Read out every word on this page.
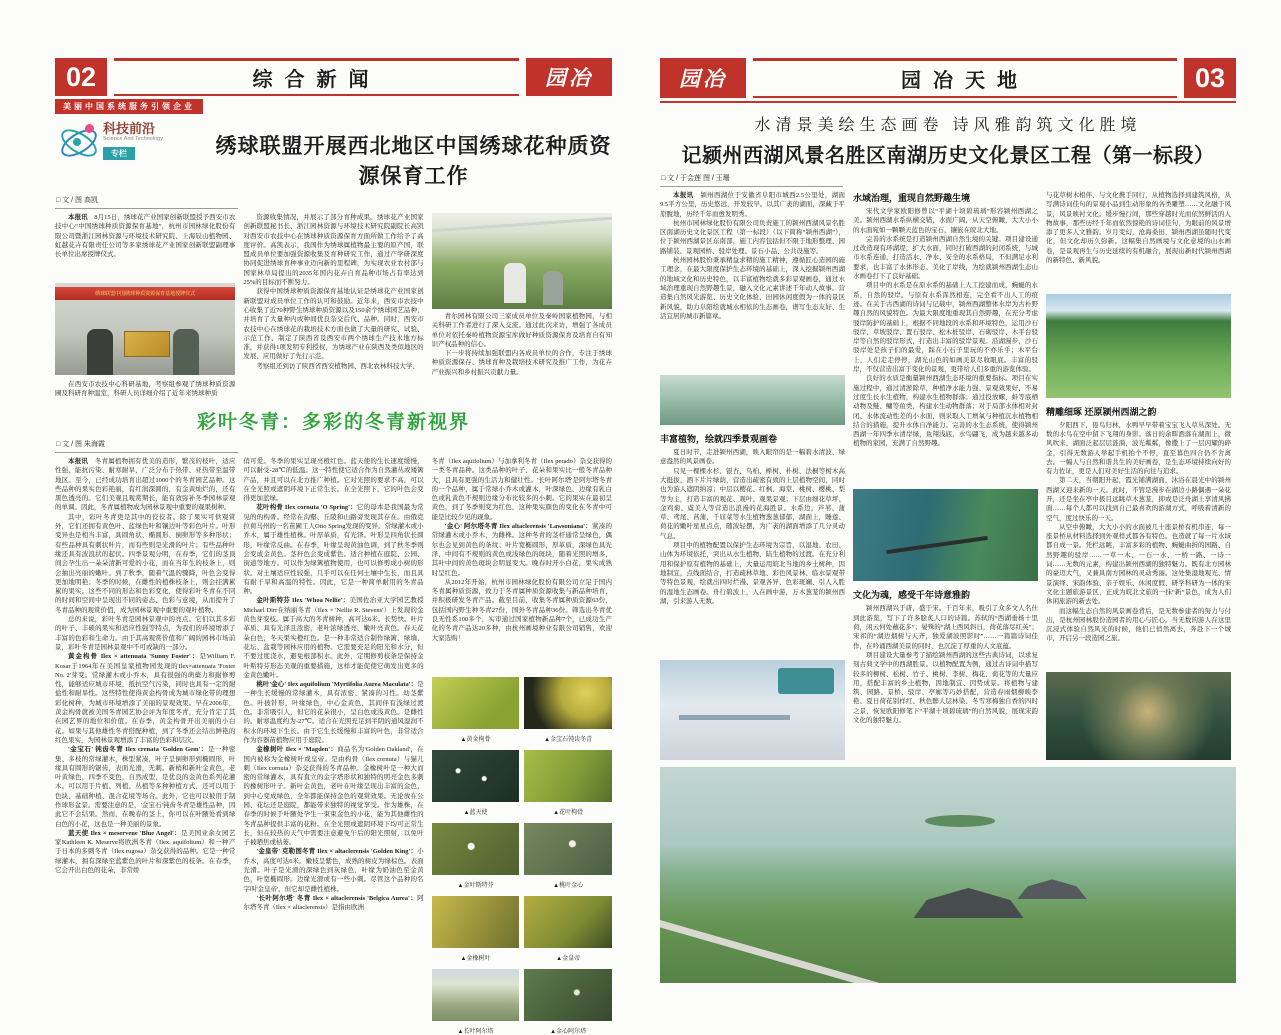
02	综合新闻	园冶
美丽中国系统服务引领企业
科技前沿
Science And Technology
专栏	绣球联盟开展西北地区中国绣球花种质资源保育工作
□ 文 / 图 高凯

本报讯　 8月15日，绣球花产业国家创新联盟授予西安市农技中心“中国绣球种质资源保育基地”，杭州市园林绿化股份有限公司暨浙江园林资源与环境技术研究院、上海辰山植物园、虹越花卉有限责任公司等多家绣球花产业国家创新联盟副理事长单位出席授牌仪式。

绣球联盟中国绣球种质资源保育基地授牌仪式
在西安市农技中心科研基地，考察组参观了绣球种质资源圃及科研育种温室，科研人员详细介绍了近年来绣球种质

资源收集情况，并展示了部分育种成果。绣球花产业国家创新联盟秘书长、浙江园林资源与环境技术研究院副院长高凯对西安市农技中心在绣球种质资源保育方面所做工作给予了高度评价。高凯表示，我国作为绣球属植物最主要的原产国，联盟成员单位要加强资源收集及育种研究工作，通过产学研深度协同促进绣球育种事业迈向新的里程碑，为实现农业农村部与国家林草局提出的2035年国内花卉自育品种市场占有率达到25%的目标而不断努力。

获得中国绣球种质资源保育基地认证是绣球花产业国家创新联盟对成员单位工作的认可和鼓励。近年来，西安市农技中心收集了近70种野生绣球种质资源以及150余个绣球园艺品种，并培育了大量种内或种间优良杂交后代、品种。同时，西安市农技中心在绣球花的栽培技术方面也做了大量的研究、试验、示范工作，制定了陕西省及西安市两个绣球生产技术地方标准，并获得1项发明专利授权，为绣球产业在陕西及类似地区的发展、应用做好了先行示范。

考察组还到访了陕西省西安植物园、西北农林科技大学、

青尔园林有限公司三家成员单位及秦岭国家植物园，与相关科研工作者进行了深入交流。通过此次来访，增强了各成员单位对依托秦岭植物资源宝库做好种质资源保育及培育自有知识产权品种的信心。

下一步将持续加强联盟内各成员单位的合作，专注于绣球种质资源保存、绣球育种及栽培技术研究及推广工作，为花卉产业振兴和乡村振兴贡献力量。

彩叶冬青：多彩的冬青新视界
□ 文 / 图 朱海霞

本报讯　 冬青属植物拥有优美的造形，繁茂的枝叶，适应性强、能抗污染、耐寒耐旱，广泛分布于热带、亚热带至温带地区。至今，已经成功培育出超过1000个的冬青园艺品种。这些品种的果实色彩艳丽，有红润深圆的，有金黄灿烂的，还有黑色透亮的。它们美观且观赏期长，能有效弥补冬季园林景观的单调。因此，冬青属植物成为园林景观中重要的观果树种。

其中，彩叶冬青更是其中的佼佼者。除了果实可供观赏外，它们还拥有黄色叶、蓝绿色叶和镶边叶等彩色叶片。叶形变异也是相当丰富，具圆角状、椭圆形、倒卵形等多种形状；有些品种具有刺状叶片，而有些则是光滑的叶片；有些品种叶缘还具有波浪状的起伏。四季景观分明，在春季，它们的茎顶间会孕生出一朵朵清新可爱的小花，而在当年生的枝条上，则会抽出亮丽的嫩叶。到了秋季，随着气温的骤降，叶色会变得更加地明艳；冬季的时候，在雌性的植株枝条上，则会挂满累累的果实。这些不同的形态和色彩变化，使得彩叶冬青在不同的时间和空间中呈现出不同的姿态、色彩与意境，从而提升了冬青品种的观赏价值，成为园林景观中重要的观叶植物。

总的来说，彩叶冬青是园林景观中的亮点。它们以其多彩的叶子、丰硕的果实和适应性强等特点，为我们的环境增添了丰富的色彩和生命力。由于其高观赏价值和广阔的园林市场前景，彩叶冬青是园林景观中不可或缺的一部分。

黄金构骨 Ilex × attenuata 'Sunny Foster'：是William F. Kosar于1964年在美国皇家植物园发现的Ilex×attenuata 'Foster No. 2'芽变。常绿灌木或小乔木，具有很强的萌蘖力和耐修剪性，能够适应城市环境，抵抗空气污染，同时也具有一定的耐盐性和耐旱性。这些特性使得黄金构骨成为城市绿化带的理想彩化树种，为城市环境增添了美丽的景观效果。早在2006年，黄金构骨就被美国冬青园艺协会评为年度冬青，充分肯定了其在园艺界的地位和价值。在春季，黄金构骨开出美丽的小白花。如果与其他雄性冬青搭配种植，到了冬季还会结出鲜艳的红色果实，为园林景观增添了丰富的色彩和层次。

'金宝石' 钝齿冬青 Ilex crenata 'Golden Gem'：是一种密集、多枝的常绿灌木，株型紧凑，叶子呈倒卵形到椭圆形，叶缘具有圆形的锯齿，表面光滑，无刺。新梢和新叶金黄色，老叶黄绿色，四季不变色，自然成型，是优良的金黄色系列花灌木。可以用于片植、列植、丛植等多种种植方式，还可以用于色块、基础种植、混合花境等场合。此外，它也可以被用于制作球形盆景。需要注意的是，'金宝石'钝齿冬青是雄性品种，因此它不会结果。然而，在晚春的茎上，你可以在叶腋处看到绿白色的小花，这也是一种美丽的景象。

蓝天使 Ilex × meservene 'Blue Angel'：是美国业余女园艺家Kathleen K. Meserve将欧洲冬青（Ilex. aquifolium）和一种产于日本的多刺冬青（Ilex rugosa）杂交获得的品种。它是一种常绿灌木，拥有深绿至蓝紫色的叶片和深紫色的枝条。在春季，它会开出白色的花朵，非常娇

俏可爱。冬季的果实呈现亮橙红色。蓝天使的生长速度缓慢，可以耐受-28℃的低温。这一特性使它适合作为自然灌丛或矮篱产品，并且可以在北方推广种植。它对光照的要求不高，可以在全光照或遮阴环境下正常生长。在全光照下，它的叶色会变得更加蓝绿。

花叶构骨 Ilex cornuta 'O Spring'：它的母本是我国最为常见的的构骨。经常在沟壑、丘陵和山路旁发现其存在。由俄克拉荷马州的一名苗圃工人Otto Spring发现的变异。常绿灌木或小乔木，属于雄性植株。叶厚革质，有光泽。叶形呈四角状长圆形，叶缘常反曲。在春季，叶缘呈现黄油色调，到了秋冬季则会变成金黄色。茎秆色会变成紫色。适合种植在庭院、公园、街道等地方。可以作为绿篱植物使用，也可以修剪成小树的形状。对土壤适应性较强，几乎可以在任何土壤中生长，而且具有耐干旱和高温的特性。因此，它是一种简单耐用的冬青品种。

金叶斯特芬 Ilex 'Whoa Nellie'：美国佐治亚大学园艺教授Michael Dirr在纳丽冬青（Ilex × 'Nellie R. Stevens'）上发现的金黄色芽变枝。属于高大的冬青树种，高可达6米。长势快。叶片革质、具有光泽且浓密，老叶浓绿透亮，嫩叶亮黄色。春天花朵白色，冬天果实橙红色。是一种非常适合制作绿篱、绿墙、花坛、盆栽等园林应用的植物。它需要充足的阳光和水分，但不要过度浇水，避免根部积水。此外，定期修剪枝条是保持金叶斯特芬形态美观的重要措施，这样才能促使它萌发出更多的金黄色嫩叶。

桃叶'金心' Ilex aquifolium 'Myrtifolia Aurea Maculata'：是一种生长缓慢的常绿灌木，具有浓密、紧凑的习性。幼茎紫色。叶披针形，叶缘绿色，中心金黄色，其间伴有浅绿过渡色。非常吸引人，但它的花朵很小，呈白色或浅黄色。是雌性的。耐寒温度约为-27℃。适合在光照充足到半阴的通风湿润不积水的环境下生长。由于它生长缓慢和丰富的叶色，非常适合作为容器苗植物应用于庭院。

金橡树叶 Ilex × 'Magden'：商品名为'Golden Oakland'，在国内被称为金橡树叶或皇帝。是由构骨（Ilex cornuta）与猫儿刺（Ilex cornuta）杂交获得的冬青品种。金橡树叶是一种大而密的常绿灌木，具有直立的金字塔形状和独特的明亮金色多刺的橡树形叶子。新叶金黄色，老叶在叶缘呈现出丰富的金色，到中心变成绿色，全年都能保持金色的观赏效果。无论放在公园、花坛还是庭院，都能带来独特的视觉享受。作为雄株，在春季的时候于叶腋处孕生一束束金色的小花，能为其他雌性的冬青品种提供丰富的花粉。在全光照或遮阴环境下均可正常生长，但在较热的天气中需要注意避免午后的阳光照射，以免叶子被晒焦或枯萎。

'金皇帝' 克勒图冬青 Ilex × altaclerensis 'Golden King'：小乔木，高度可达6米。嫩枝呈紫色，成熟的树皮为绿棕色。表面光滑。叶子是光滑的深绿色到灰绿色，叶缘为奶油色至金黄色，叶宽椭圆形。边缘光滑或有一些小刺。尽管这个品种的名字叫'金皇帝'，但它却是雌性植株。

'长叶阿尔塔' 冬青 Ilex × altaclerensis 'Belgica Aurea'：阿尔塔冬青（Ilex × altaclerensis）是指由欧洲

冬青（Ilex aquifolium）与加拿利冬青（Ilex perado）杂交获得的一类冬青品种。这类品种的叶子、花朵和果实比一般冬青品种大，且具有更强的生活力和健壮性。'长叶阿尔塔'是阿尔塔冬青的一个品种，属于常绿小乔木或灌木，叶深绿色，边缘有乳白色或乳黄色不规则边缘分布比较多的小刺。它的果实在最初呈黄色，到了冬季则变为红色，这种果实颜色的变化在冬青中可能是比较少见的现象。

'金心' 阿尔塔冬青 Ilex altaclerensis 'Lawsoniana'：紧凑的常绿灌木或小乔木，为雌株。这种冬青的茎杆通常呈绿色，偶尔也会见到黄色的条纹；叶片宽椭圆形，厚革质，深绿色具光泽，中间有不规则的黄色或浅绿色的斑块，随着光照的增多，其叶中间的黄色斑块会明显变大。晚春时开小白花，果实成熟时呈红色。

从2012年开始，杭州市园林绿化股份有限公司立足于国内冬青属种质资源，致力于冬青属种质资源收集与新品种培育，并积极研发冬青产品。截至目前，收集冬青属种质资源63份，包括国内野生种冬青27份，国外冬青品种36份。筛选出冬青优良无性系100多个，实审通过国家植物新品种7个，已成功生产化的冬青产品达20多种，由杭州画境种业有限公司销售，欢迎大家选购！

▲黄金枸骨	▲金宝石钝齿冬青
▲蓝天使	▲花叶枸骨
▲金叶斯特芬	▲桃叶金心
▲金橡树叶	▲金皇帝
▲长叶阿尔塔	▲金心阿尔塔
园冶	园冶天地	03
水清景美绘生态画卷 诗风雅韵筑文化胜境
记颍州西湖风景名胜区南湖历史文化景区工程（第一标段）
□ 文 / 于会莲 图 / 王珊

本报讯　 颍州西湖位于安徽省阜阳市城西2.5公里处，湖面9.5平方公里，历史悠远，开发较早。以其广袤的湖面，深藏于平原腹地，历经千年而愈发明秀。

杭州市园林绿化股份有限公司负责施工的颍州西湖风景名胜区南湖历史文化景区工程（第一标段）（以下简称“颍州西湖”），位于颍州西湖景区东南部，施工内容包括但不限于地形整理、园路铺装、景观园桥、驳岸处理、景石小品、公共设施等。

杭州园林股份秉承精益求精的施工精神，遵循匠心造园的施工理念，在最大限度保护生态环境的基础上，深入挖掘颍州西湖的地域文化和历史特色，以丰富植物绘就多彩景观画卷，通过水域治理重现自然野趣生景，融入文化元素讲述千年动人故事。营造集自然风光游览、历史文化体验、田园休闲度假为一体的景区新风貌，助力阜阳绘就城水相依的生态画卷，谱写生态友好、生活宜居的城市新篇章。

丰富植物，绘就四季景观画卷

夏日时节，走进颍州西湖，映入眼帘的是一幅碧水清波、绿意盎然的风景画卷。

只见一棵棵水杉、银杏、乌桕、榉树、朴树、法桐等树木高大挺拔，洒下片片绿荫，营造出疏密有致的上层植物空间，同时也为游人遮阴纳凉；中层以樱花、红枫、海棠、桃树、樱桃、梨等为主，打造丰富的观花、观叶、观果景观；下层由细花草坪、金鸡菊、虞美人等营造出浪漫的花海胜景。水系边，芦苇、蒲草、鸢尾、菖蒲、千屈菜等水生植物葱葱郁郁，湖面上，睡莲、荷花的嫩叶星星点点，随波轻摆，为广袤的湖面增添了几分灵动气息。

项目中的植物配置以保护生态环境为宗旨，以湿地、农田、山体为环境依托，突出从水生植物、陆生植物的过渡。在充分利用和保护原有植物的基础上，大量运用皖北当地的乡土树种，因地制宜，点线面结合，打造疏林草地、彩色风景林、临水景观带等特色景观，绘就出四时烂漫、景观各异、色彩斑斓、引人入胜的湿地生态画卷。舟行碧波上，人在画中游，万木葱茏的颍州西湖，引来游人无数。

水域治理，重现自然野趣生境

宋代文学家欧阳修曾以“平湖十顷碧琉璃”形容颍州西湖之美。颍州西湖水系纵横交错，水面广阔，从天空俯瞰，大大小小的水面宛如一颗颗天蓝色的宝石，镶嵌在皖北大地。

完善的水系统是打造颍州西湖自然生境的关键。项目建设通过改造现有环湖堤，扩大水面，同时打破西湖的封闭系统，与城市水系连通，打造活水、净水、安全的水系格局，不但满足水利要求，也丰富了水体形态、美化了岸线，为绘就颍州西湖生态山水画卷打下了良好基础。

项目中的水系是在原水系的基础上人工挖建而成，蜿蜒的水系，自然的驳岸。与原有水系浑然相连，完全看不出人工的痕迹。在关于古西湖的诗词与记载中，颍州西湖整体水岸为古朴野趣自然的风貌特色。为最大限度地重现其自然野趣，在充分考虑驳岸防护的基础上，根据不同地段的水系和环境特色，运用沙石驳岸、草坡驳岸、置石驳岸、松木桩驳岸、石砌驳岸、木平台驳岸等自然的驳岸形式，打造出丰富的驳岸景观。沿湖漫步，沙石驳岸处是孩子们的最爱，踩在小石子里玩的不亦乐乎；木平台上，人们走走停停，湖光山色的如画美景尽收眼底。丰富的驳岸，不仅营造出富于变化的景观，更带给人们多重的游览体验。

良好的水质是衡量颍州西湖生态环境的重要指标。项目在实施过程中，通过清淤除草，种植净水能力强、景观效果好、不易过度生长水生植物，构建水生植物群落；通过投放螺、蚌等底栖动物及鲢、鳙等鱼类，构建水生动物群落；对于局部水体相对封闭、水体流动性差的小水面，则采取人工增氧与种植沉水植物相结合的措施，提升水体自净能力。完善的水生态系统，使得颍州西湖一年四季水清岸绿，鱼翔浅底，水鸟翩飞，成为越来越多动植物的家园，充满了自然野趣。

文化为魂，感受千年诗意雅韵

颍州西湖兴于唐，盛于宋。千百年来，吸引了众多文人名仕到此游览，写下了许多脍炙人口的诗篇。苏轼的“西湖垂杨十里荷，闲云何处蘸花多”；晏殊的“湖上西风斜日，荷花落尽红英”；宋祁的“湖边烟树与天齐，独爱湖波照影时”……一篇篇诗词佳作，在吟诵西湖美景的同时，也沉淀了厚重的人文底蕴。

项目建设大量参考了描绘颍州西湖的这些古典诗词，以求复刻古典文学中的西湖胜景。以植物配置为例，通过古诗词中描写较多的柳树、松树、竹子、桃树、李树、梅花、荷花等的大量应用，搭配丰富的乡土植物，因地制宜、因势成景。将植物与建筑、园路、景桥、驳岸、亭廊等巧妙搭配，营造春雨烟柳映李艳、夏日荷花别样红、秋色醉人层林染、冬雪寒梅独自香的四时之景，恢复欧阳修笔下“平湖十顷碧琉璃”的自然风貌，展现宋韵文化的独特魅力。

与花草树木相伴、与文化携手同行，从植物选择到建筑风格，从写满诗词佳句的景观小品到生动形象的各类雕塑……文化融于风景，风景映衬文化。缓步慢行间，那些穿越时光而依然鲜活的人物故事，那些历经千年而依然惊艳的诗词佳句，为眼前的风景增添了更多人文雅韵。岁月变幻，沧海桑田，颍州西湖虽随时代变化，但文化却历久弥新。这幅集自然画境与文化意境的山水画卷，是景观再生与历史延续的有机融合，展现出新时代颍州西湖的新特色、新风貌。

精雕细琢 还原颍州西湖之韵

夕阳西下，倦鸟归林，水鸭早早带着宝宝飞入草丛深处。无数的水鸟在空中留下飞翔的身影。落日的余晖洒落在湖面上，微风吹来，湖面泛起层层涟漪，波光粼粼，像撒上了一层闪耀的碎金，引得无数游人举起手机拍个不停，直至暮色四合仍不舍离去。一幅人与自然和谐共生的美好画卷，是生态环境持续向好的有力佐证，更是人们对美好生活的向往与追求。

第二天，当朝阳升起，霞光铺满湖面，沐浴在晨光中的颍州西湖又迎来新的一天。此时，不管是漫步在湖边小路偶遇一朵花开，还是坐在亭中极目远眺草木葱茏，抑或是泛舟湖上享清风拂面……每个人都可以找到自己最喜欢的游湖方式，呼吸着清新的空气，度过快乐的一天。

从空中俯瞰，大大小小的水面被几十座景桥有机串连，每一座景桥从材料选择到外观样式都各有特色。也造就了每一片水域都自成一景。凭栏远眺，丰富多彩的植物、蜿蜒曲折的园路、自然野趣的驳岸……一草一木、一石一水、一桥一路、一诗一词……无数的元素，构建出颍州西湖的独特魅力。既有北方园林的豪迈大气，又兼具南方园林的灵动秀丽。这处集湿地观光、情景演绎、宋韵体验、亲子娱乐、休闲度假、研学科研为一体的宋文化主题旅游景区，正成为皖北文旅的一抹“新”景色，成为人们休闲旅游的新去处。

而这幅生态自然的风景画卷背后，是无数参建者的努力与付出，是杭州园林股份造园者的用心与匠心。当无数的游人在这里沉浸式体验自然风光的时候，他们已悄然离去，奔赴下一个城市，开启另一段造园之旅。
